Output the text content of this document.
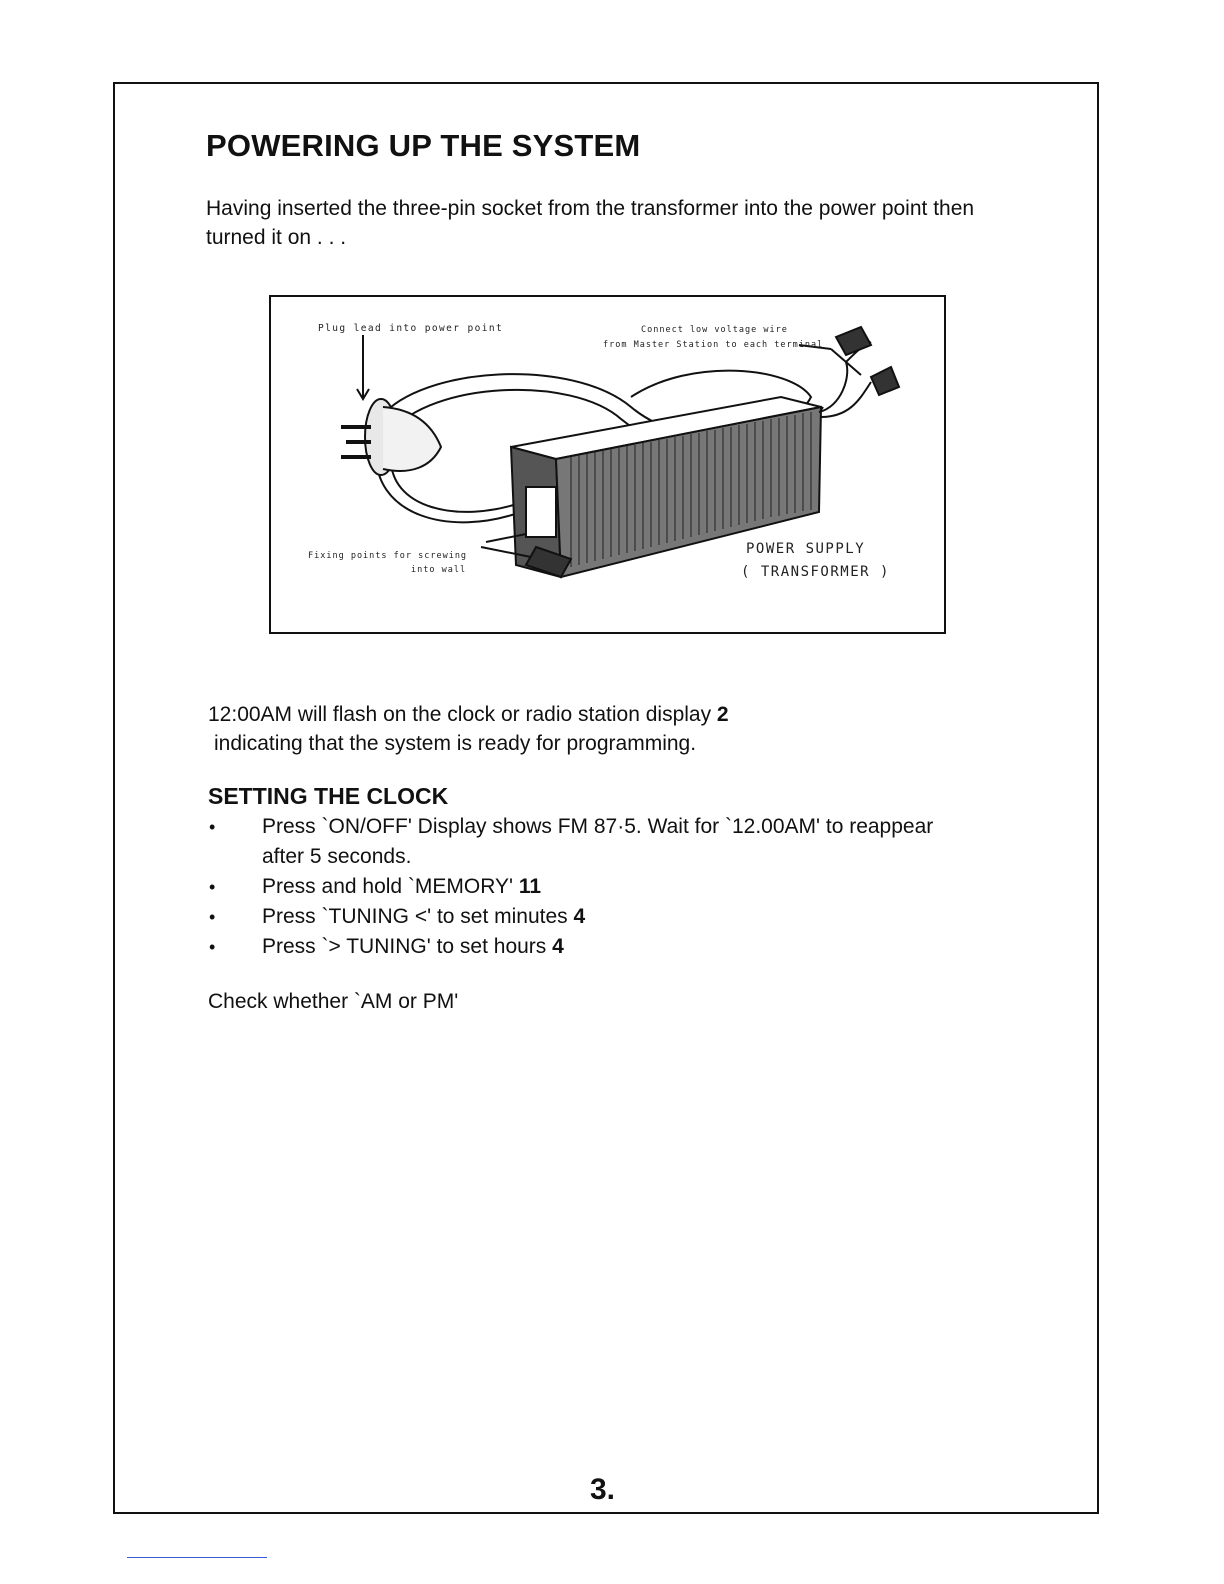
POWERING UP THE SYSTEM

Having inserted the three-pin socket from the transformer into the power point then turned it on . . .

Plug lead into power point	Connect low voltage wire
from Master Station to each terminal
Fixing points for screwing
into wall
POWER SUPPLY
( TRANSFORMER )

12:00AM will flash on the clock or radio station display 2
indicating that the system is ready for programming.

SETTING THE CLOCK
• Press `ON/OFF' Display shows FM 87·5. Wait for `12.00AM' to reappear after 5 seconds.
• Press and hold `MEMORY' 11
• Press `TUNING <' to set minutes 4
• Press `> TUNING' to set hours 4

Check whether `AM or PM'

3.
